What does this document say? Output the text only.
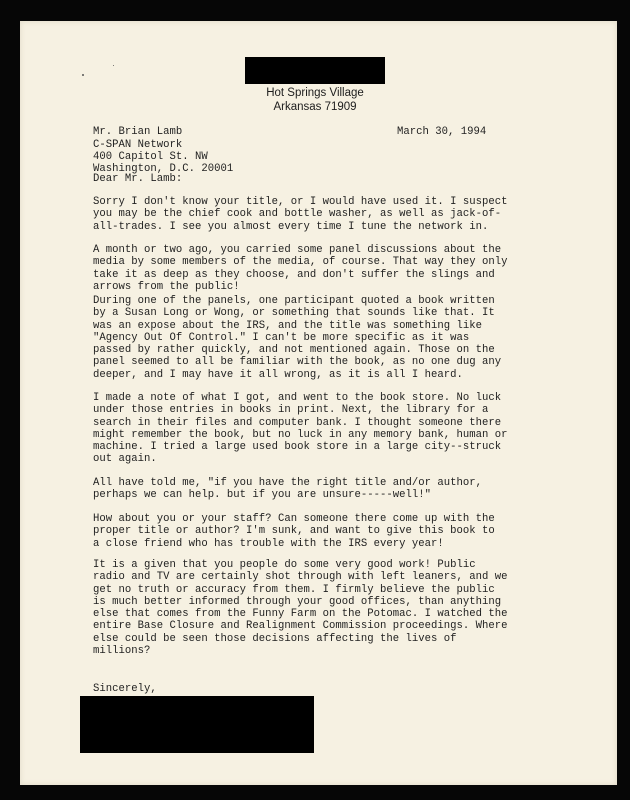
Hot Springs Village
Arkansas 71909

Mr. Brian Lamb
C-SPAN Network
400 Capitol St. NW
Washington, D.C. 20001
March 30, 1994
Dear Mr. Lamb:
Sorry I don't know your title, or I would have used it. I suspect
you may be the chief cook and bottle washer, as well as jack-of-
all-trades. I see you almost every time I tune the network in.
A month or two ago, you carried some panel discussions about the
media by some members of the media, of course. That way they only
take it as deep as they choose, and don't suffer the slings and
arrows from the public!
During one of the panels, one participant quoted a book written
by a Susan Long or Wong, or something that sounds like that. It
was an expose about the IRS, and the title was something like
"Agency Out Of Control." I can't be more specific as it was
passed by rather quickly, and not mentioned again. Those on the
panel seemed to all be familiar with the book, as no one dug any
deeper, and I may have it all wrong, as it is all I heard.
I made a note of what I got, and went to the book store. No luck
under those entries in books in print. Next, the library for a
search in their files and computer bank. I thought someone there
might remember the book, but no luck in any memory bank, human or
machine. I tried a large used book store in a large city--struck
out again.
All have told me, "if you have the right title and/or author,
perhaps we can help. but if you are unsure-----well!"
How about you or your staff? Can someone there come up with the
proper title or author? I'm sunk, and want to give this book to
a close friend who has trouble with the IRS every year!
It is a given that you people do some very good work! Public
radio and TV are certainly shot through with left leaners, and we
get no truth or accuracy from them. I firmly believe the public
is much better informed through your good offices, than anything
else that comes from the Funny Farm on the Potomac. I watched the
entire Base Closure and Realignment Commission proceedings. Where
else could be seen those decisions affecting the lives of
millions?
Sincerely,
